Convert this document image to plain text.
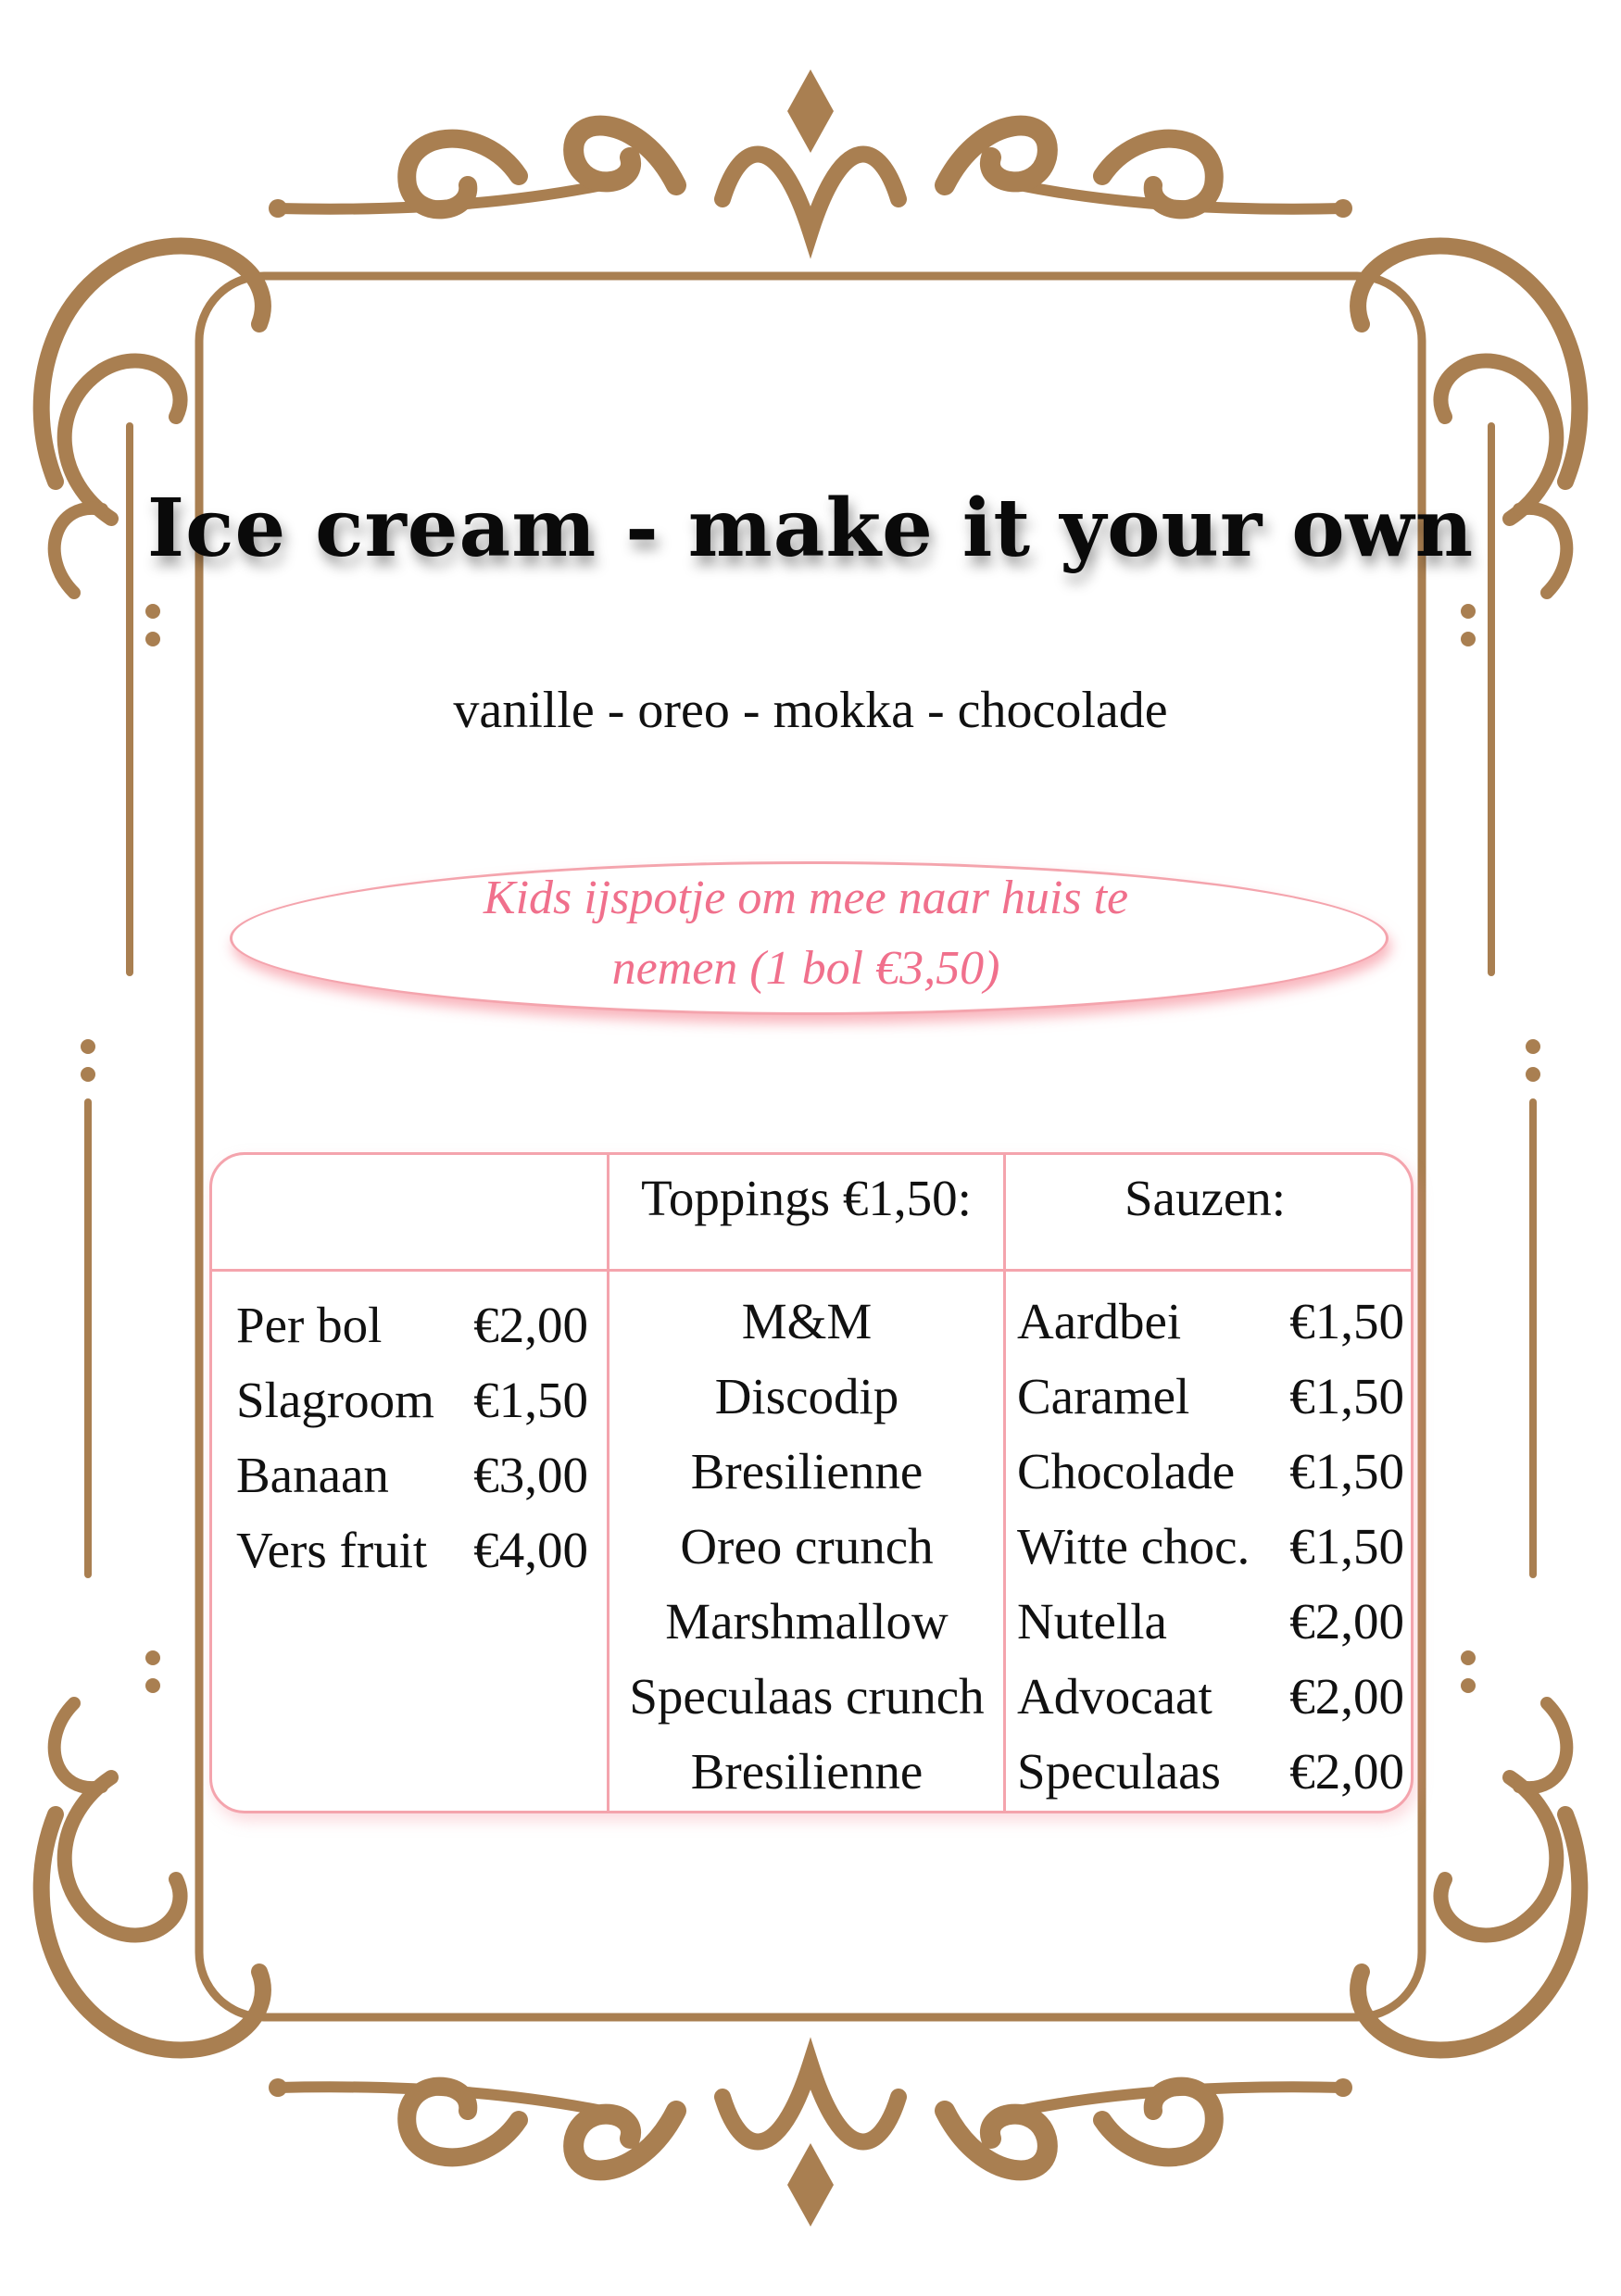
Ice cream - make it your own
vanille - oreo - mokka - chocolade
Kids ijspotje om mee naar huis te
nemen (1 bol €3,50)
Toppings €1,50:	Sauzen:
Per bol €2,00
Slagroom €1,50
Banaan €3,00
Vers fruit €4,00
M&M
Discodip
Bresilienne
Oreo crunch
Marshmallow
Speculaas crunch
Bresilienne
Aardbei €1,50
Caramel €1,50
Chocolade €1,50
Witte choc. €1,50
Nutella €2,00
Advocaat €2,00
Speculaas €2,00
